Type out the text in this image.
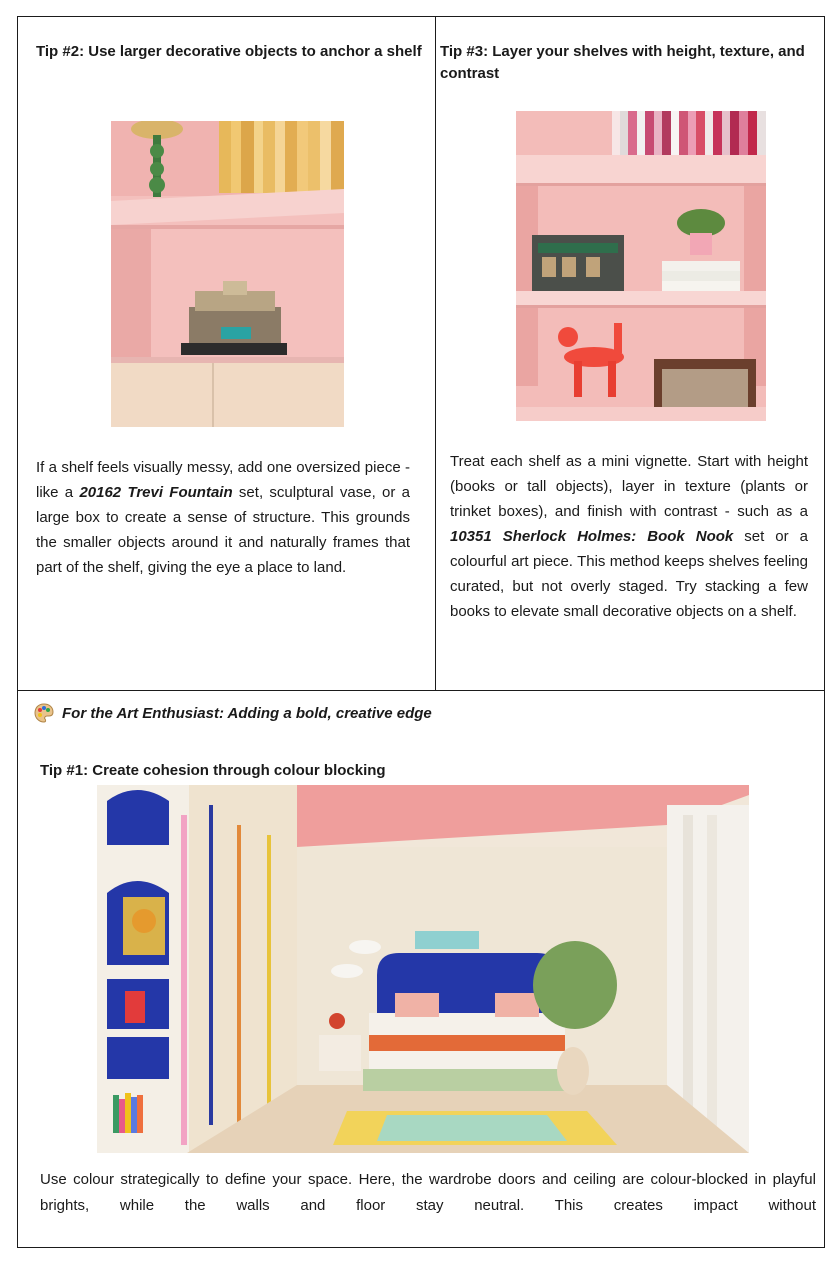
Tip #2: Use larger decorative objects to anchor a shelf
If a shelf feels visually messy, add one oversized piece - like a 20162 Trevi Fountain set, sculptural vase, or a large box to create a sense of structure. This grounds the smaller objects around it and naturally frames that part of the shelf, giving the eye a place to land.
Tip #3: Layer your shelves with height, texture, and contrast
Treat each shelf as a mini vignette. Start with height (books or tall objects), layer in texture (plants or trinket boxes), and finish with contrast - such as a 10351 Sherlock Holmes: Book Nook set or a colourful art piece. This method keeps shelves feeling curated, but not overly staged. Try stacking a few books to elevate small decorative objects on a shelf.
For the Art Enthusiast: Adding a bold, creative edge
Tip #1: Create cohesion through colour blocking
Use colour strategically to define your space. Here, the wardrobe doors and ceiling are colour-blocked in playful brights, while the walls and floor stay neutral. This creates impact without
